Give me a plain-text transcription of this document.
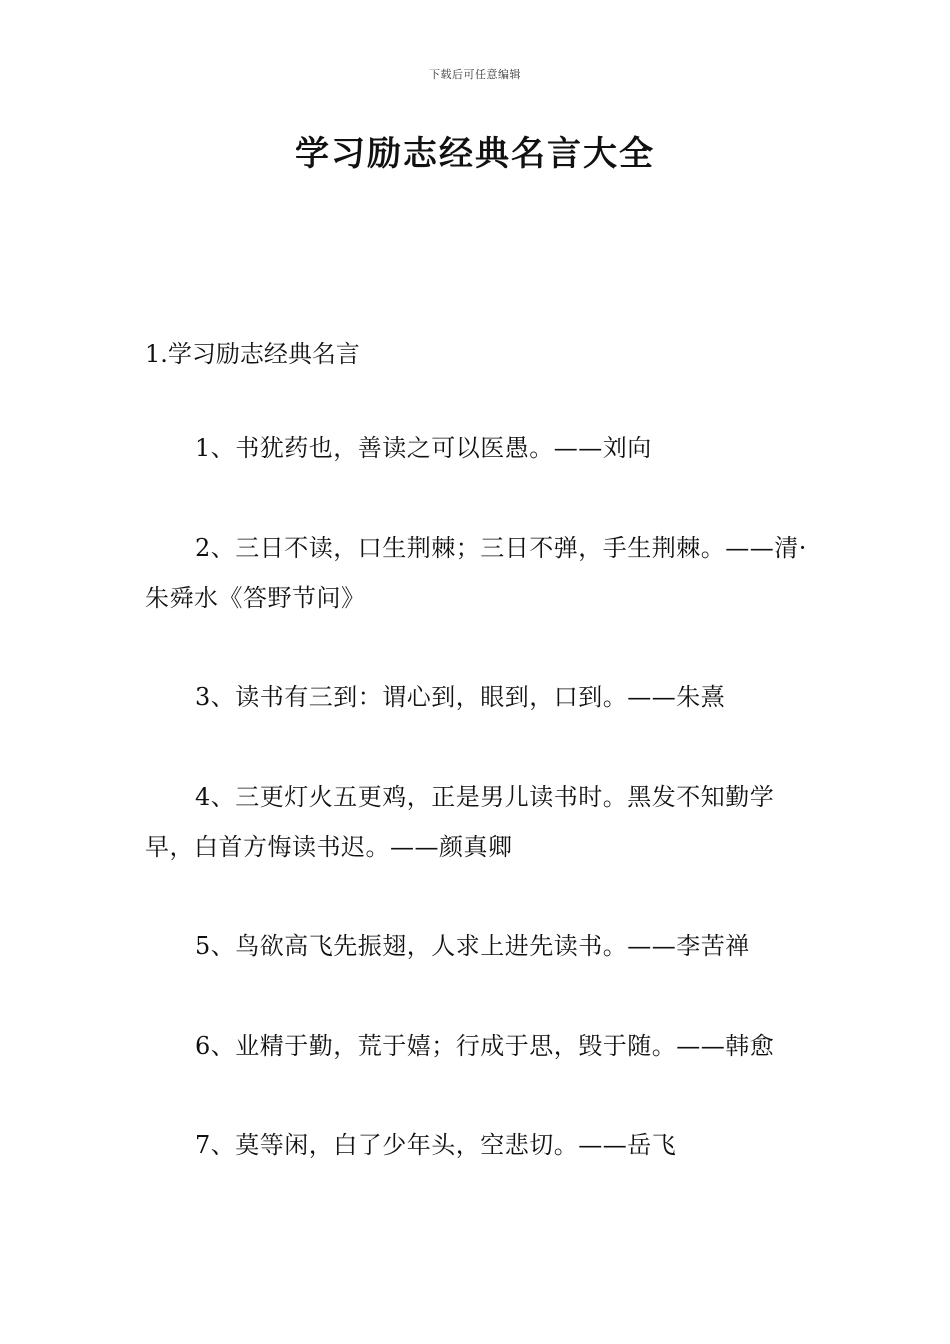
下载后可任意编辑
学习励志经典名言大全
1.学习励志经典名言
1、书犹药也，善读之可以医愚。——刘向
2、三日不读，口生荆棘；三日不弹，手生荆棘。——清·朱舜水《答野节问》
3、读书有三到：谓心到，眼到，口到。——朱熹
4、三更灯火五更鸡，正是男儿读书时。黑发不知勤学早，白首方悔读书迟。——颜真卿
5、鸟欲高飞先振翅，人求上进先读书。——李苦禅
6、业精于勤，荒于嬉；行成于思，毁于随。——韩愈
7、莫等闲，白了少年头，空悲切。——岳飞
